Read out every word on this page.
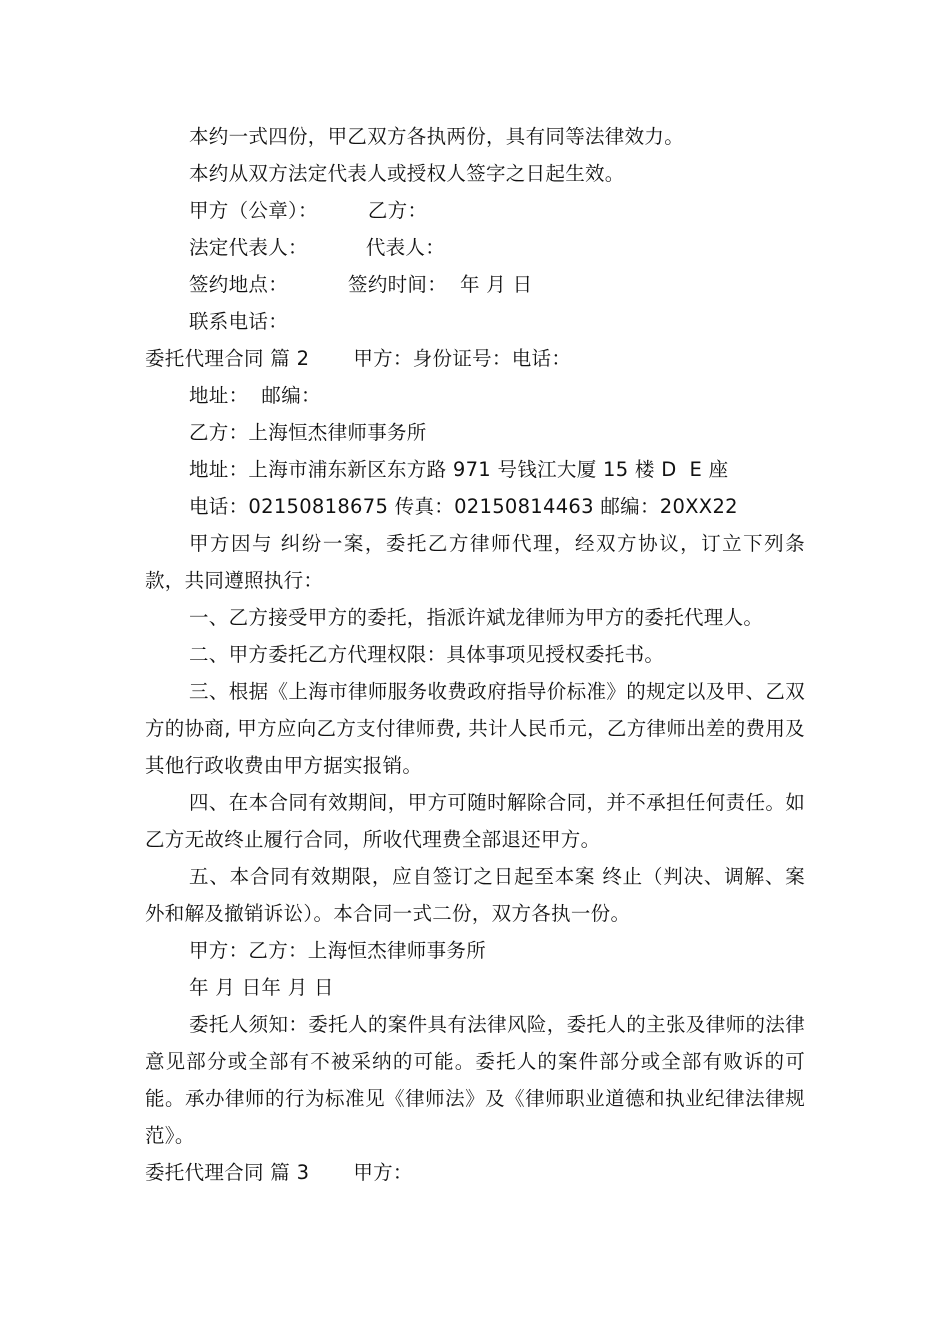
本约一式四份，甲乙双方各执两份，具有同等法律效力。
本约从双方法定代表人或授权人签字之日起生效。
甲方（公章）：	乙方：
法定代表人：	代表人：
签约地点：	签约时间：  年 月 日
联系电话：
委托代理合同 篇 2 甲方：身份证号：电话：
地址：  邮编：
乙方：上海恒杰律师事务所
地址：上海市浦东新区东方路 971 号钱江大厦 15 楼 D  E 座
电话：02150818675 传真：02150814463 邮编：20XX22
甲方因与 纠纷一案，委托乙方律师代理，经双方协议，订立下列条款，共同遵照执行：
一、乙方接受甲方的委托，指派许斌龙律师为甲方的委托代理人。
二、甲方委托乙方代理权限：具体事项见授权委托书。
三、根据《上海市律师服务收费政府指导价标准》的规定以及甲、乙双方的协商, 甲方应向乙方支付律师费, 共计人民币元，乙方律师出差的费用及其他行政收费由甲方据实报销。
四、在本合同有效期间，甲方可随时解除合同，并不承担任何责任。如乙方无故终止履行合同，所收代理费全部退还甲方。
五、本合同有效期限，应自签订之日起至本案 终止（判决、调解、案外和解及撤销诉讼）。本合同一式二份，双方各执一份。
甲方：乙方：上海恒杰律师事务所
年 月 日年 月 日
委托人须知：委托人的案件具有法律风险，委托人的主张及律师的法律意见部分或全部有不被采纳的可能。委托人的案件部分或全部有败诉的可能。承办律师的行为标准见《律师法》及《律师职业道德和执业纪律法律规范》。
委托代理合同 篇 3 甲方：
